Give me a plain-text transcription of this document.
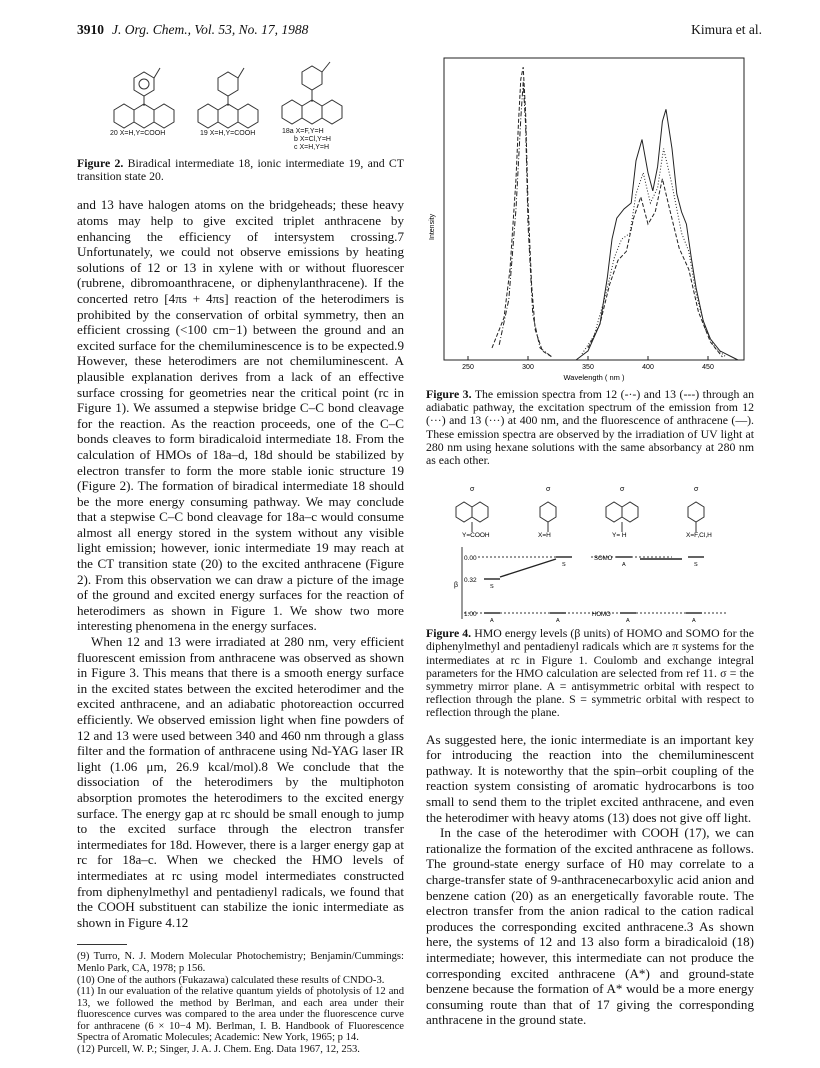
3910 J. Org. Chem., Vol. 53, No. 17, 1988	Kimura et al.
20 X=H,Y=COOH	19 X=H,Y=COOH	18a X=F,Y=H
b X=Cl,Y=H
c X=H,Y=H

Figure 2. Biradical intermediate 18, ionic intermediate 19, and CT transition state 20.

and 13 have halogen atoms on the bridgeheads; these heavy atoms may help to give excited triplet anthracene by enhancing the efficiency of intersystem crossing.7 Unfortunately, we could not observe emissions by heating solutions of 12 or 13 in xylene with or without fluorescer (rubrene, dibromoanthracene, or diphenylanthracene). If the concerted retro [4πs + 4πs] reaction of the heterodimers is prohibited by the conservation of orbital symmetry, then an efficient crossing (<100 cm−1) between the ground and an excited surface for the chemiluminescence is to be expected.9 However, these heterodimers are not chemiluminescent. A plausible explanation derives from a lack of an effective surface crossing for geometries near the critical point (rc in Figure 1). We assumed a stepwise bridge C–C bond cleavage for the reaction. As the reaction proceeds, one of the C–C bonds cleaves to form biradicaloid intermediate 18. From the calculation of HMOs of 18a–d, 18d should be stabilized by electron transfer to form the more stable ionic structure 19 (Figure 2). The formation of biradical intermediate 18 should be the more energy consuming pathway. We may conclude that a stepwise C–C bond cleavage for 18a–c would consume almost all energy stored in the system without any visible light emission; however, ionic intermediate 19 may reach at the CT transition state (20) to the excited anthracene (Figure 2). From this observation we can draw a picture of the image of the ground and excited energy surfaces for the reaction of heterodimers as shown in Figure 1. We show two more interesting phenomena in the energy surfaces.

When 12 and 13 were irradiated at 280 nm, very efficient fluorescent emission from anthracene was observed as shown in Figure 3. This means that there is a smooth energy surface in the excited states between the excited heterodimer and the excited anthracene, and an adiabatic photoreaction occurred efficiently. We observed emission light when fine powders of 12 and 13 were used between 340 and 460 nm through a glass filter and the formation of anthracene using Nd-YAG laser IR light (1.06 μm, 26.9 kcal/mol).8 We conclude that the dissociation of the heterodimers by the multiphoton absorption promotes the heterodimers to the excited energy surface. The energy gap at rc should be small enough to jump to the excited surface through the electron transfer intermediates for 18d. However, there is a larger energy gap at rc for 18a–c. When we checked the HMO levels of intermediates at rc using model intermediates constructed from diphenylmethyl and pentadienyl radicals, we found that the COOH substituent can stabilize the ionic intermediate as shown in Figure 4.12

(9) Turro, N. J. Modern Molecular Photochemistry; Benjamin/Cummings: Menlo Park, CA, 1978; p 156.

(10) One of the authors (Fukazawa) calculated these results of CNDO-3.

(11) In our evaluation of the relative quantum yields of photolysis of 12 and 13, we followed the method by Berlman, and each area under their fluorescence curves was compared to the area under the fluorescence curve for anthracene (6 × 10−4 M). Berlman, I. B. Handbook of Fluorescence Spectra of Aromatic Molecules; Academic: New York, 1965; p 14.

(12) Purcell, W. P.; Singer, J. A. J. Chem. Eng. Data 1967, 12, 253.

250	300	350	400	450
Intensity
Wavelength ( nm )

Figure 3. The emission spectra from 12 (-·-) and 13 (---) through an adiabatic pathway, the excitation spectrum of the emission from 12 (···) and 13 (···) at 400 nm, and the fluorescence of anthracene (—). These emission spectra are observed by the irradiation of UV light at 280 nm using hexane solutions with the same absorbancy at 280 nm as each other.

Y=COOH	X=H	Y= H	X=F,Cl,H
0.00
0.32
1.00
SOMO
HOMO
β
S	S
S
A
A	A	A	A
σ	σ	σ	σ

Figure 4. HMO energy levels (β units) of HOMO and SOMO for the diphenylmethyl and pentadienyl radicals which are π systems for the intermediates at rc in Figure 1. Coulomb and exchange integral parameters for the HMO calculation are selected from ref 11. σ = the symmetry mirror plane. A = antisymmetric orbital with respect to reflection through the plane. S = symmetric orbital with respect to reflection through the plane.

As suggested here, the ionic intermediate is an important key for introducing the reaction into the chemiluminescent pathway. It is noteworthy that the spin–orbit coupling of the reaction system consisting of aromatic hydrocarbons is too small to send them to the triplet excited anthracene, and even the heterodimer with heavy atoms (13) does not give off light.

In the case of the heterodimer with COOH (17), we can rationalize the formation of the excited anthracene as follows. The ground-state energy surface of H0 may correlate to a charge-transfer state of 9-anthracenecarboxylic acid anion and benzene cation (20) as an energetically favorable route. The electron transfer from the anion radical to the cation radical produces the corresponding excited anthracene.3 As shown here, the systems of 12 and 13 also form a biradicaloid (18) intermediate; however, this intermediate can not produce the corresponding excited anthracene (A*) and ground-state benzene because the formation of A* would be a more energy consuming route than that of 17 giving the corresponding anthracene in the ground state.
